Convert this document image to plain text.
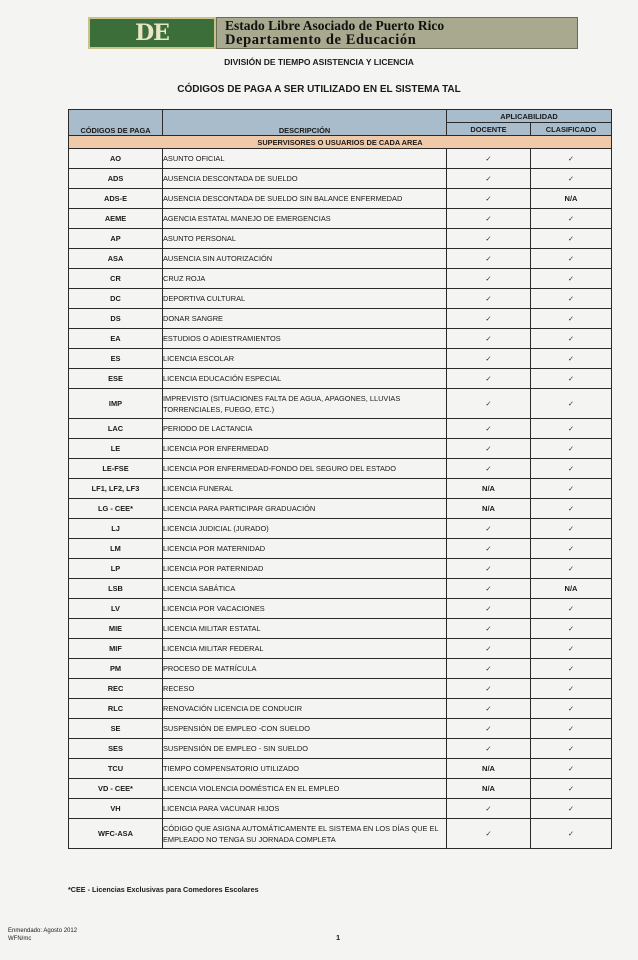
DE	Estado Libre Asociado de Puerto Rico
Departamento de Educación
DIVISIÓN DE TIEMPO ASISTENCIA Y LICENCIA
CÓDIGOS DE PAGA A SER UTILIZADO EN EL SISTEMA TAL
CÓDIGOS DE PAGA	DESCRIPCIÓN	APLICABILIDAD	
		DOCENTE	CLASIFICADO
SUPERVISORES O USUARIOS DE CADA AREA			
AO	ASUNTO OFICIAL	✓	✓
ADS	AUSENCIA DESCONTADA DE SUELDO	✓	✓
ADS-E	AUSENCIA DESCONTADA DE SUELDO SIN BALANCE ENFERMEDAD	✓	N/A
AEME	AGENCIA ESTATAL MANEJO DE EMERGENCIAS	✓	✓
AP	ASUNTO PERSONAL	✓	✓
ASA	AUSENCIA SIN AUTORIZACIÓN	✓	✓
CR	CRUZ ROJA	✓	✓
DC	DEPORTIVA CULTURAL	✓	✓
DS	DONAR SANGRE	✓	✓
EA	ESTUDIOS O ADIESTRAMIENTOS	✓	✓
ES	LICENCIA ESCOLAR	✓	✓
ESE	LICENCIA EDUCACIÓN ESPECIAL	✓	✓
IMP	IMPREVISTO (SITUACIONES FALTA DE AGUA, APAGONES, LLUVIAS TORRENCIALES, FUEGO, ETC.)	✓	✓
LAC	PERIODO DE LACTANCIA	✓	✓
LE	LICENCIA POR ENFERMEDAD	✓	✓
LE-FSE	LICENCIA POR ENFERMEDAD-FONDO DEL SEGURO DEL ESTADO	✓	✓
LF1, LF2, LF3	LICENCIA FUNERAL	N/A	✓
LG - CEE*	LICENCIA PARA PARTICIPAR GRADUACIÓN	N/A	✓
LJ	LICENCIA JUDICIAL (JURADO)	✓	✓
LM	LICENCIA POR MATERNIDAD	✓	✓
LP	LICENCIA POR PATERNIDAD	✓	✓
LSB	LICENCIA SABÁTICA	✓	N/A
LV	LICENCIA POR VACACIONES	✓	✓
MIE	LICENCIA MILITAR ESTATAL	✓	✓
MIF	LICENCIA MILITAR FEDERAL	✓	✓
PM	PROCESO DE MATRÍCULA	✓	✓
REC	RECESO	✓	✓
RLC	RENOVACIÓN LICENCIA DE CONDUCIR	✓	✓
SE	SUSPENSIÓN DE EMPLEO -CON SUELDO	✓	✓
SES	SUSPENSIÓN DE EMPLEO - SIN SUELDO	✓	✓
TCU	TIEMPO COMPENSATORIO UTILIZADO	N/A	✓
VD - CEE*	LICENCIA VIOLENCIA DOMÉSTICA EN EL EMPLEO	N/A	✓
VH	LICENCIA PARA VACUNAR HIJOS	✓	✓
WFC-ASA	CÓDIGO QUE ASIGNA AUTOMÁTICAMENTE EL SISTEMA EN LOS DÍAS QUE EL EMPLEADO NO TENGA SU JORNADA COMPLETA	✓	✓
*CEE - Licencias Exclusivas para Comedores Escolares
Enmendado: Agosto 2012
WFN/mc	1
